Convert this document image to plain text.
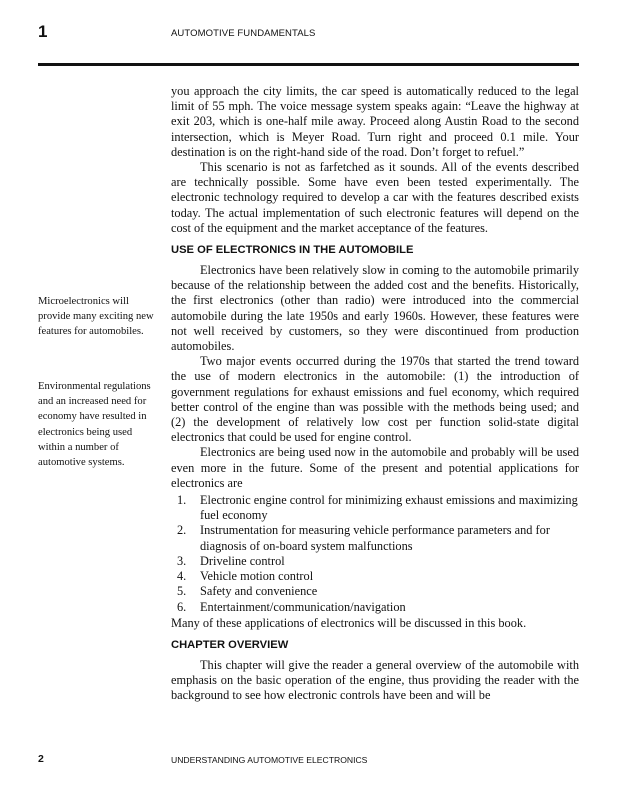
1	AUTOMOTIVE FUNDAMENTALS

you approach the city limits, the car speed is automatically reduced to the legal limit of 55 mph. The voice message system speaks again: “Leave the highway at exit 203, which is one-half mile away. Proceed along Austin Road to the second intersection, which is Meyer Road. Turn right and proceed 0.1 mile. Your destination is on the right-hand side of the road. Don’t forget to refuel.”

This scenario is not as farfetched as it sounds. All of the events described are technically possible. Some have even been tested experimentally. The electronic technology required to develop a car with the features described exists today. The actual implementation of such electronic features will depend on the cost of the equipment and the market acceptance of the features.

USE OF ELECTRONICS IN THE AUTOMOBILE

Electronics have been relatively slow in coming to the automobile primarily because of the relationship between the added cost and the benefits. Historically, the first electronics (other than radio) were introduced into the commercial automobile during the late 1950s and early 1960s. However, these features were not well received by customers, so they were discontinued from production automobiles.

Two major events occurred during the 1970s that started the trend toward the use of modern electronics in the automobile: (1) the introduction of government regulations for exhaust emissions and fuel economy, which required better control of the engine than was possible with the methods being used; and (2) the development of relatively low cost per function solid-state digital electronics that could be used for engine control.

Electronics are being used now in the automobile and probably will be used even more in the future. Some of the present and potential applications for electronics are

1. Electronic engine control for minimizing exhaust emissions and maximizing fuel economy
2. Instrumentation for measuring vehicle performance parameters and for diagnosis of on-board system malfunctions
3. Driveline control
4. Vehicle motion control
5. Safety and convenience
6. Entertainment/communication/navigation

Many of these applications of electronics will be discussed in this book.

CHAPTER OVERVIEW

This chapter will give the reader a general overview of the automobile with emphasis on the basic operation of the engine, thus providing the reader with the background to see how electronic controls have been and will be

Microelectronics will provide many exciting new features for automobiles.
Environmental regulations and an increased need for economy have resulted in electronics being used within a number of automotive systems.
2	UNDERSTANDING AUTOMOTIVE ELECTRONICS
